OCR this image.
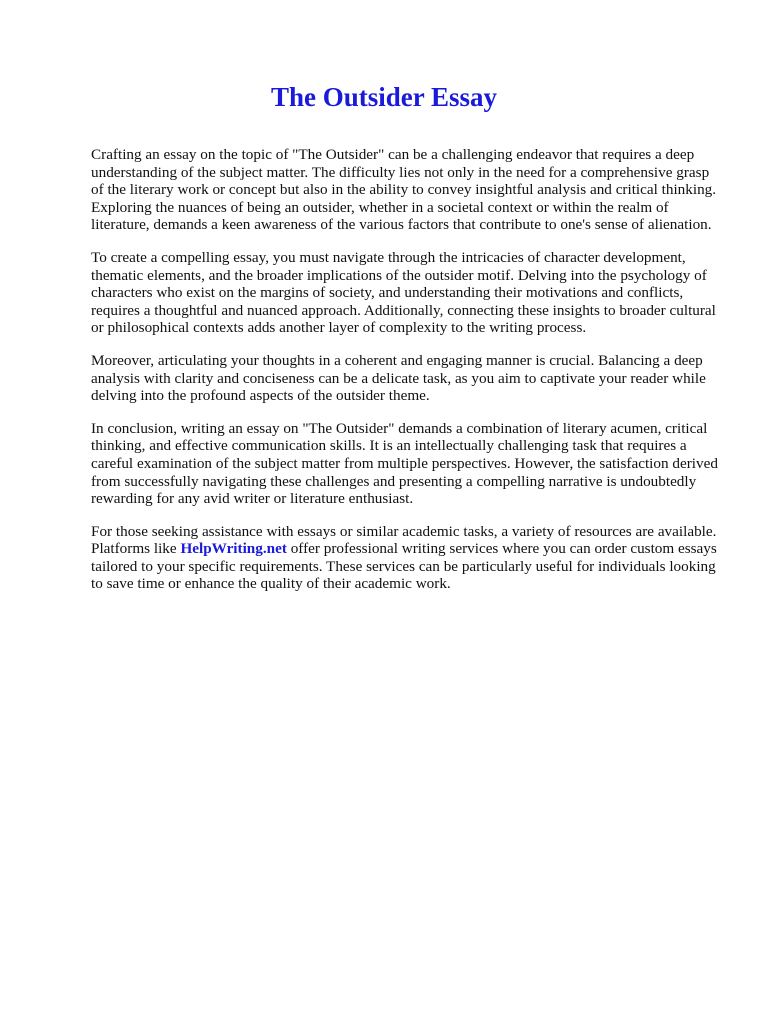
The Outsider Essay

Crafting an essay on the topic of "The Outsider" can be a challenging endeavor that requires a deep understanding of the subject matter. The difficulty lies not only in the need for a comprehensive grasp of the literary work or concept but also in the ability to convey insightful analysis and critical thinking. Exploring the nuances of being an outsider, whether in a societal context or within the realm of literature, demands a keen awareness of the various factors that contribute to one's sense of alienation.

To create a compelling essay, you must navigate through the intricacies of character development, thematic elements, and the broader implications of the outsider motif. Delving into the psychology of characters who exist on the margins of society, and understanding their motivations and conflicts, requires a thoughtful and nuanced approach. Additionally, connecting these insights to broader cultural or philosophical contexts adds another layer of complexity to the writing process.

Moreover, articulating your thoughts in a coherent and engaging manner is crucial. Balancing a deep analysis with clarity and conciseness can be a delicate task, as you aim to captivate your reader while delving into the profound aspects of the outsider theme.

In conclusion, writing an essay on "The Outsider" demands a combination of literary acumen, critical thinking, and effective communication skills. It is an intellectually challenging task that requires a careful examination of the subject matter from multiple perspectives. However, the satisfaction derived from successfully navigating these challenges and presenting a compelling narrative is undoubtedly rewarding for any avid writer or literature enthusiast.

For those seeking assistance with essays or similar academic tasks, a variety of resources are available. Platforms like HelpWriting.net offer professional writing services where you can order custom essays tailored to your specific requirements. These services can be particularly useful for individuals looking to save time or enhance the quality of their academic work.
